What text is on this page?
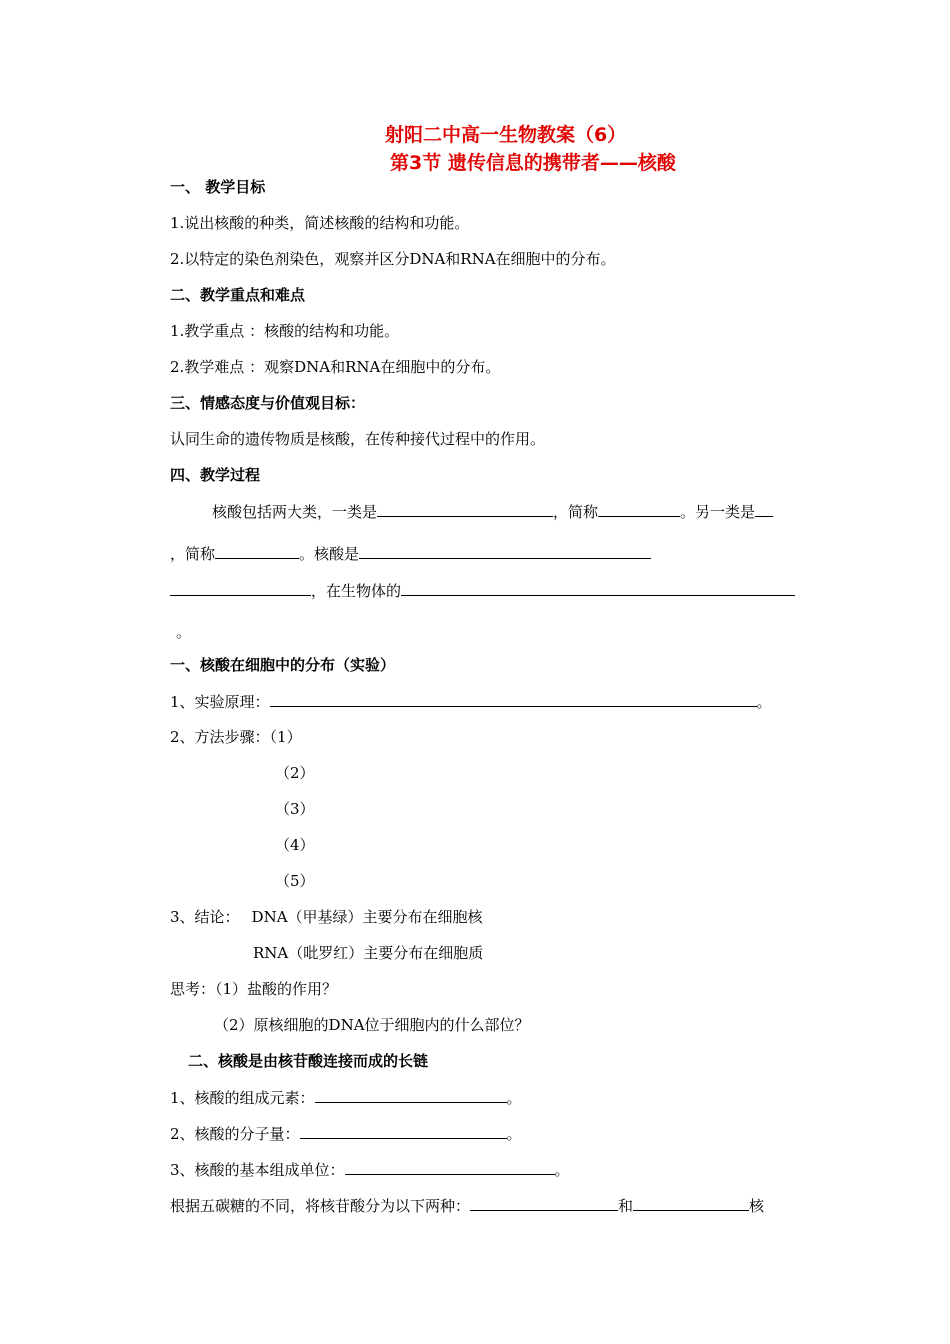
射阳二中高一生物教案（6）
第3节 遗传信息的携带者——核酸
一、 教学目标
1.说出核酸的种类，简述核酸的结构和功能。
2.以特定的染色剂染色，观察并区分DNA和RNA在细胞中的分布。
二、教学重点和难点
1.教学重点 ：核酸的结构和功能。
2.教学难点 ：观察DNA和RNA在细胞中的分布。
三、情感态度与价值观目标：
认同生命的遗传物质是核酸，在传种接代过程中的作用。
四、教学过程
核酸包括两大类，一类是	，简称	。另一类是
，简称	。核酸是
，在生物体的
。
一、核酸在细胞中的分布（实验）
1、实验原理：	。
2、方法步骤：（1）
（2）
（3）
（4）
（5）
3、结论： DNA（甲基绿）主要分布在细胞核
RNA（吡罗红）主要分布在细胞质
思考：（1）盐酸的作用？
（2）原核细胞的DNA位于细胞内的什么部位？
二、核酸是由核苷酸连接而成的长链
1、核酸的组成元素：	。
2、核酸的分子量：	。
3、核酸的基本组成单位：	。
根据五碳糖的不同，将核苷酸分为以下两种：	和	核
